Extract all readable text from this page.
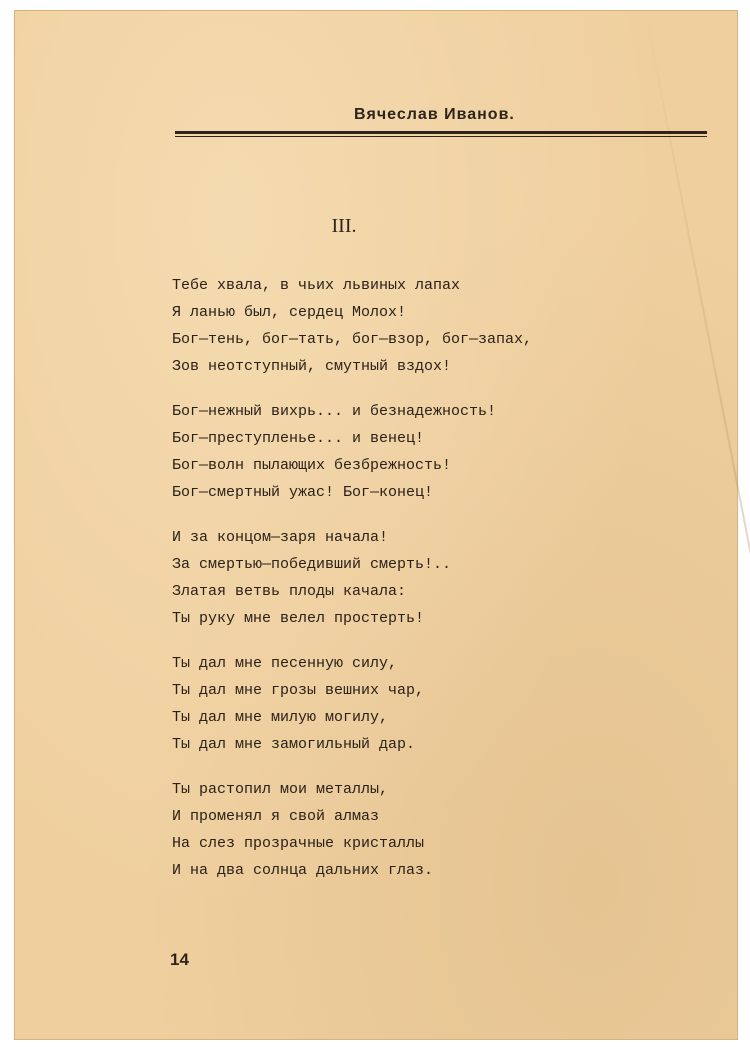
Вячеслав Иванов.
III.
Тебе хвала, в чьих львиных лапах
Я ланью был, сердец Молох!
Бог—тень, бог—тать, бог—взор, бог—запах,
Зов неотступный, смутный вздох!
Бог—нежный вихрь... и безнадежность!
Бог—преступленье... и венец!
Бог—волн пылающих безбрежность!
Бог—смертный ужас! Бог—конец!
И за концом—заря начала!
За смертью—победивший смерть!..
Златая ветвь плоды качала:
Ты руку мне велел простерть!
Ты дал мне песенную силу,
Ты дал мне грозы вешних чар,
Ты дал мне милую могилу,
Ты дал мне замогильный дар.
Ты растопил мои металлы,
И променял я свой алмаз
На слез прозрачные кристаллы
И на два солнца дальних глаз.
14
